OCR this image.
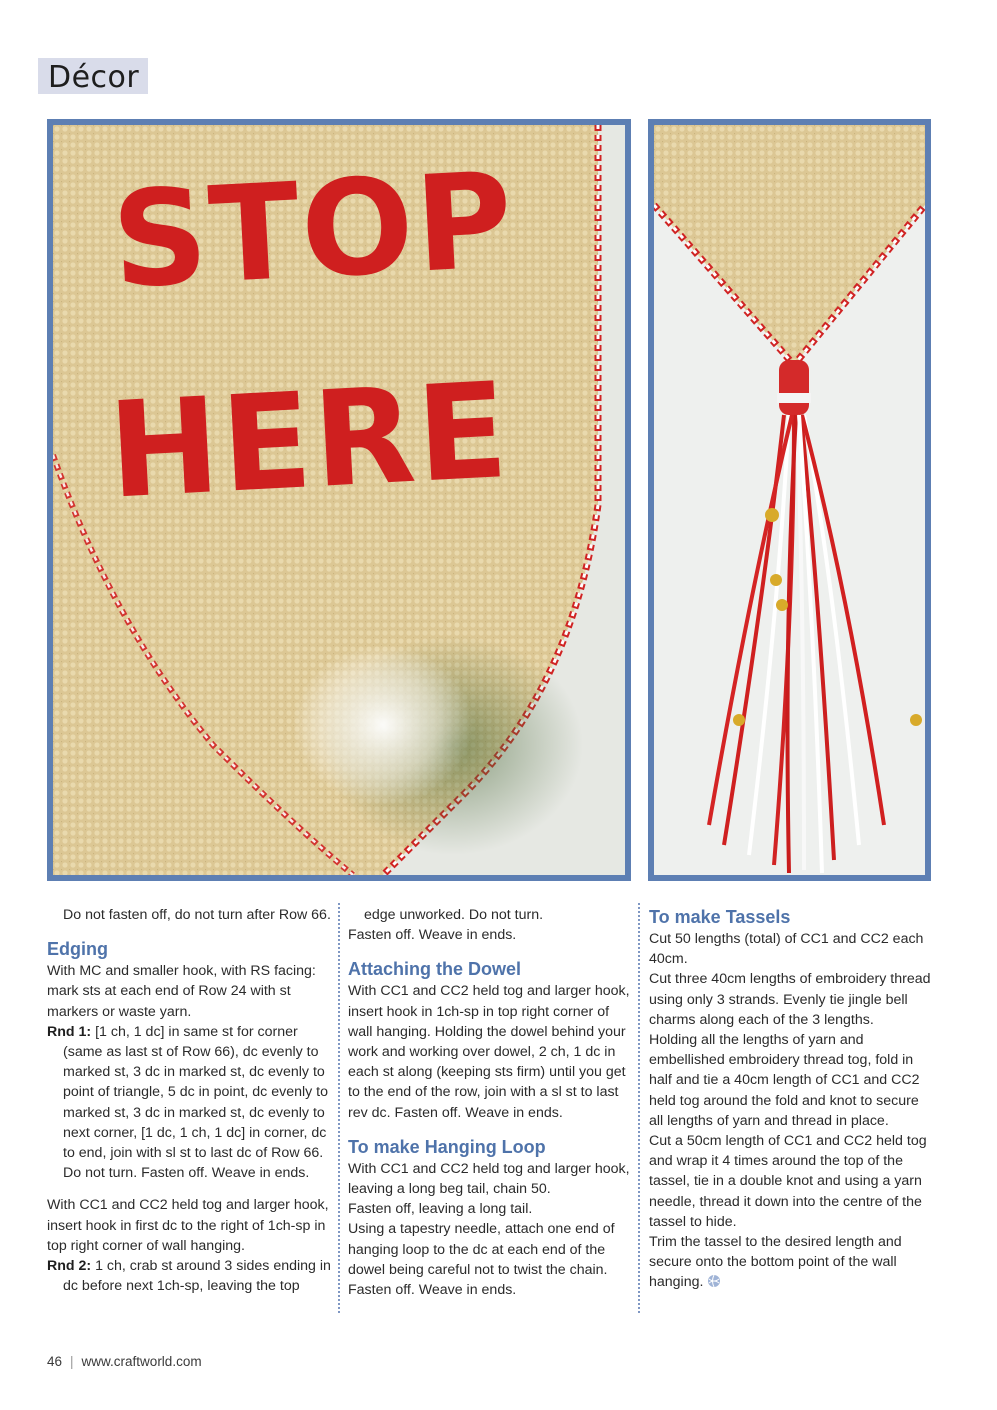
Décor
STOP
HERE

Do not fasten off, do not turn after Row 66.

Edging

With MC and smaller hook, with RS facing: mark sts at each end of Row 24 with st markers or waste yarn.

Rnd 1: [1 ch, 1 dc] in same st for corner (same as last st of Row 66), dc evenly to marked st, 3 dc in marked st, dc evenly to point of triangle, 5 dc in point, dc evenly to marked st, 3 dc in marked st, dc evenly to next corner, [1 dc, 1 ch, 1 dc] in corner, dc to end, join with sl st to last dc of Row 66. Do not turn. Fasten off. Weave in ends.

With CC1 and CC2 held tog and larger hook, insert hook in first dc to the right of 1ch-sp in top right corner of wall hanging.

Rnd 2: 1 ch, crab st around 3 sides ending in dc before next 1ch-sp, leaving the top

edge unworked. Do not turn.

Fasten off. Weave in ends.

Attaching the Dowel

With CC1 and CC2 held tog and larger hook, insert hook in 1ch-sp in top right corner of wall hanging. Holding the dowel behind your work and working over dowel, 2 ch, 1 dc in each st along (keeping sts firm) until you get to the end of the row, join with a sl st to last rev dc. Fasten off. Weave in ends.

To make Hanging Loop

With CC1 and CC2 held tog and larger hook, leaving a long beg tail, chain 50.

Fasten off, leaving a long tail.

Using a tapestry needle, attach one end of hanging loop to the dc at each end of the dowel being careful not to twist the chain.

Fasten off. Weave in ends.

To make Tassels

Cut 50 lengths (total) of CC1 and CC2 each 40cm.

Cut three 40cm lengths of embroidery thread using only 3 strands. Evenly tie jingle bell charms along each of the 3 lengths.

Holding all the lengths of yarn and embellished embroidery thread tog, fold in half and tie a 40cm length of CC1 and CC2 held tog around the fold and knot to secure all lengths of yarn and thread in place.

Cut a 50cm length of CC1 and CC2 held tog and wrap it 4 times around the top of the tassel, tie in a double knot and using a yarn needle, thread it down into the centre of the tassel to hide.

Trim the tassel to the desired length and secure onto the bottom point of the wall hanging.

46 | www.craftworld.com
